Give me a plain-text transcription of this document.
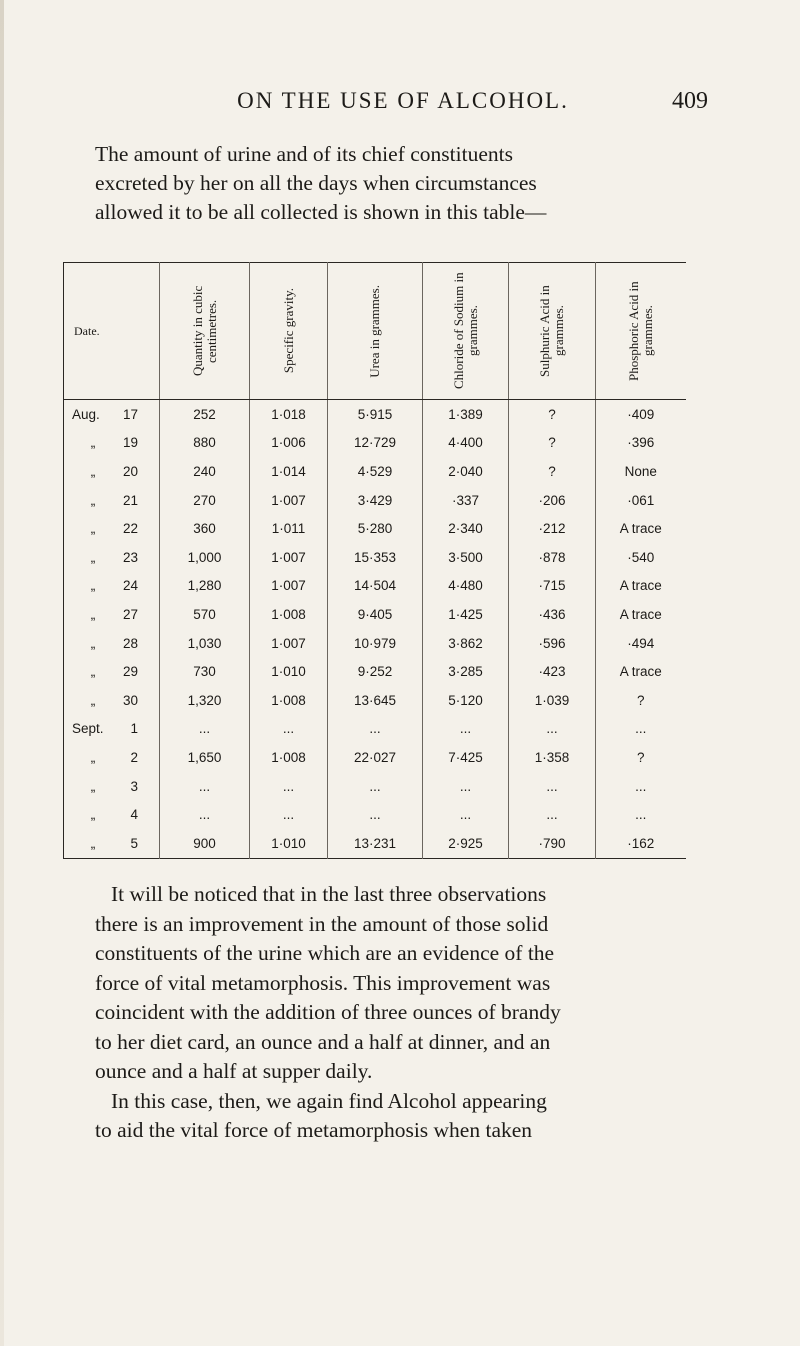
ON THE USE OF ALCOHOL.	409
The amount of urine and of its chief constituents
excreted by her on all the days when circumstances
allowed it to be all collected is shown in this table—
Date.	Quantity in cubic centimetres.	Specific gravity.	Urea in grammes.	Chloride of Sodium in grammes.	Sulphuric Acid in grammes.	Phosphoric Acid in grammes.

Aug. 17	252	1·018	5·915	1·389	?	·409
„ 19	880	1·006	12·729	4·400	?	·396
„ 20	240	1·014	4·529	2·040	?	None
„ 21	270	1·007	3·429	·337	·206	·061
„ 22	360	1·011	5·280	2·340	·212	A trace
„ 23	1,000	1·007	15·353	3·500	·878	·540
„ 24	1,280	1·007	14·504	4·480	·715	A trace
„ 27	570	1·008	9·405	1·425	·436	A trace
„ 28	1,030	1·007	10·979	3·862	·596	·494
„ 29	730	1·010	9·252	3·285	·423	A trace
„ 30	1,320	1·008	13·645	5·120	1·039	?
Sept. 1	...	...	...	...	...	...
„ 2	1,650	1·008	22·027	7·425	1·358	?
„ 3	...	...	...	...	...	...
„ 4	...	...	...	...	...	...
„ 5	900	1·010	13·231	2·925	·790	·162
It will be noticed that in the last three observations
there is an improvement in the amount of those solid
constituents of the urine which are an evidence of the
force of vital metamorphosis. This improvement was
coincident with the addition of three ounces of brandy
to her diet card, an ounce and a half at dinner, and an
ounce and a half at supper daily.
In this case, then, we again find Alcohol appearing
to aid the vital force of metamorphosis when taken
